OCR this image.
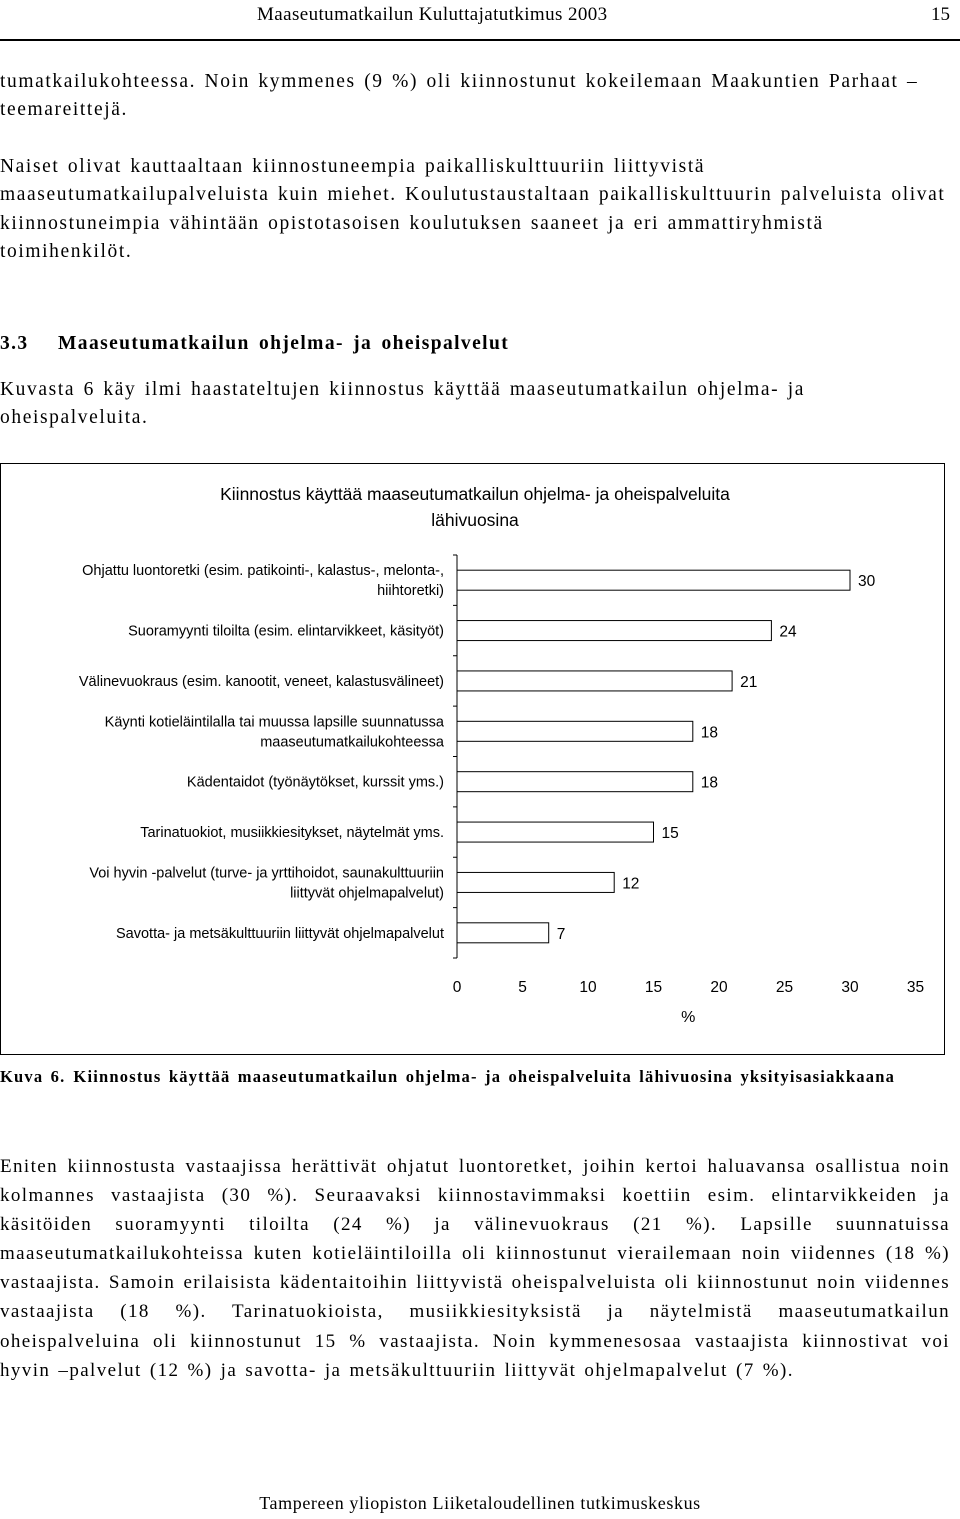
Maaseutumatkailun Kuluttajatutkimus 2003	15

tumatkailukohteessa. Noin kymmenes (9 %) oli kiinnostunut kokeilemaan Maakuntien Parhaat –teemareittejä.

Naiset olivat kauttaaltaan kiinnostuneempia paikalliskulttuuriin liittyvistä maaseutumatkailupalveluista kuin miehet. Koulutustaustaltaan paikalliskulttuurin palveluista olivat kiinnostuneimpia vähintään opistotasoisen koulutuksen saaneet ja eri ammattiryhmistä toimihenkilöt.

3.3 Maaseutumatkailun ohjelma- ja oheispalvelut

Kuvasta 6 käy ilmi haastateltujen kiinnostus käyttää maaseutumatkailun ohjelma- ja oheispalveluita.

Kiinnostus käyttää maaseutumatkailun ohjelma- ja oheispalveluita
lähivuosina
30
Ohjattu luontoretki (esim. patikointi-, kalastus-, melonta-,
hiihtoretki)
24
Suoramyynti tiloilta (esim. elintarvikkeet, käsityöt)
21
Välinevuokraus (esim. kanootit, veneet, kalastusvälineet)
18
Käynti kotieläintilalla tai muussa lapsille suunnatussa
maaseutumatkailukohteessa
18
Kädentaidot (työnäytökset, kurssit yms.)
15
Tarinatuokiot, musiikkiesitykset, näytelmät yms.
12
Voi hyvin -palvelut (turve- ja yrttihoidot, saunakulttuuriin
liittyvät ohjelmapalvelut)
7
Savotta- ja metsäkulttuuriin liittyvät ohjelmapalvelut
0	5	10	15	20	25	30	35
%
Kuva 6. Kiinnostus käyttää maaseutumatkailun ohjelma- ja oheispalveluita lähivuosina yksityisasiakkaana

Eniten kiinnostusta vastaajissa herättivät ohjatut luontoretket, joihin kertoi haluavansa osallistua noin kolmannes vastaajista (30 %). Seuraavaksi kiinnostavimmaksi koettiin esim. elintarvikkeiden ja käsitöiden suoramyynti tiloilta (24 %) ja välinevuokraus (21 %). Lapsille suunnatuissa maaseutumatkailukohteissa kuten kotieläintiloilla oli kiinnostunut vierailemaan noin viidennes (18 %) vastaajista. Samoin erilaisista kädentaitoihin liittyvistä oheispalveluista oli kiinnostunut noin viidennes vastaajista (18 %). Tarinatuokioista, musiikkiesityksistä ja näytelmistä maaseutumatkailun oheispalveluina oli kiinnostunut 15 % vastaajista. Noin kymmenesosaa vastaajista kiinnostivat voi hyvin –palvelut (12 %) ja savotta- ja metsäkulttuuriin liittyvät ohjelmapalvelut (7 %).

Tampereen yliopiston Liiketaloudellinen tutkimuskeskus
